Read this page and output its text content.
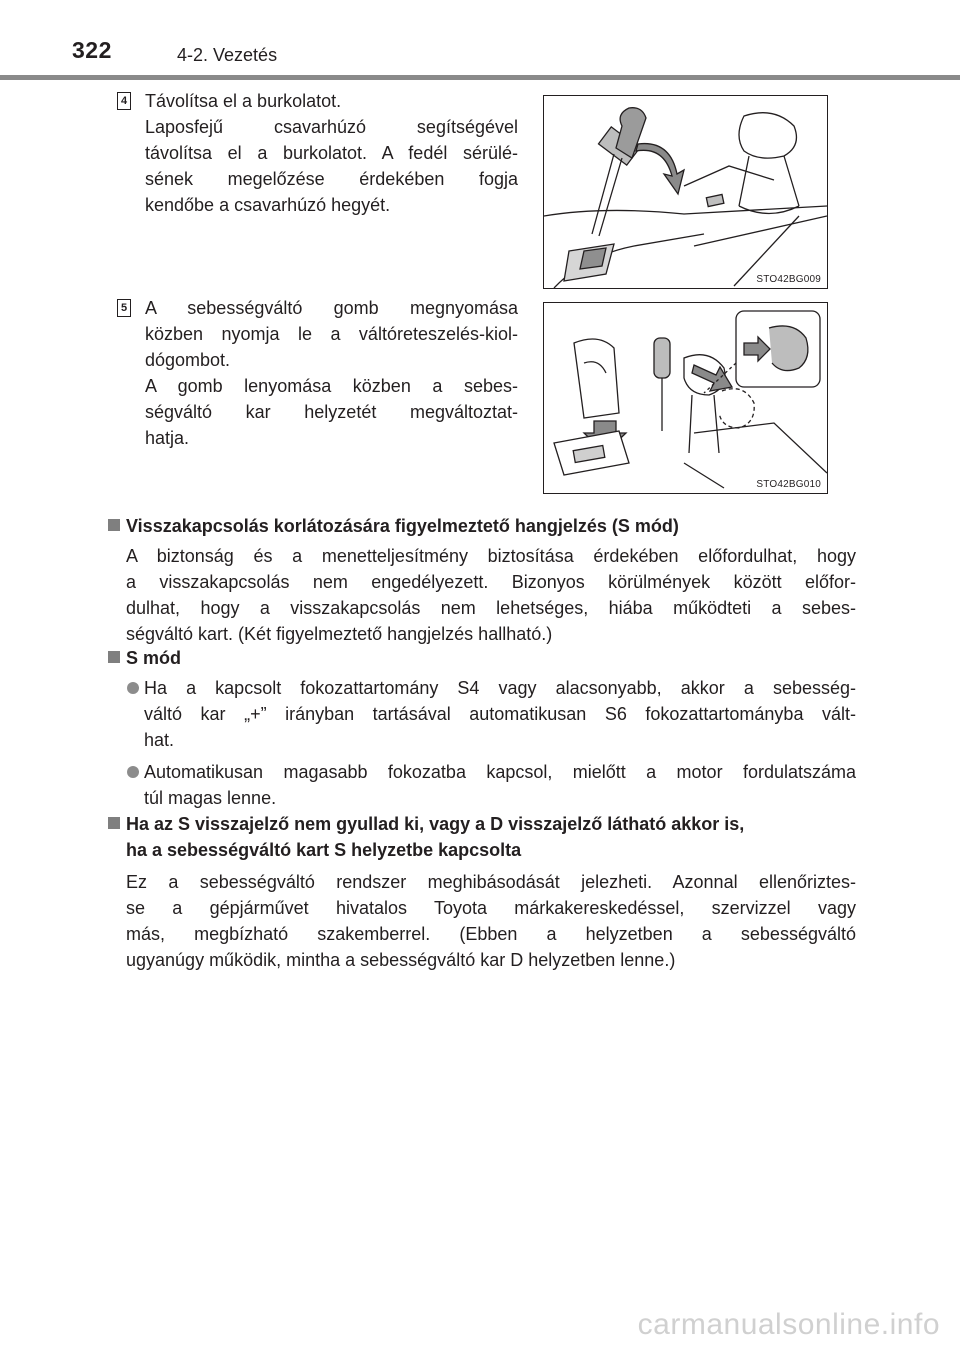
322	4-2. Vezetés
4 Távolítsa el a burkolatot.
Laposfejű csavarhúzó segítségével
távolítsa el a burkolatot. A fedél sérülé-
sének megelőzése érdekében fogja
kendőbe a csavarhúzó hegyét.
STO42BG009
5 A sebességváltó gomb megnyomása
közben nyomja le a váltóreteszelés-kiol-
dógombot.
A gomb lenyomása közben a sebes-
ségváltó kar helyzetét megváltoztat-
hatja.
STO42BG010
Visszakapcsolás korlátozására figyelmeztető hangjelzés (S mód)
A biztonság és a menetteljesítmény biztosítása érdekében előfordulhat, hogy
a visszakapcsolás nem engedélyezett. Bizonyos körülmények között előfor-
dulhat, hogy a visszakapcsolás nem lehetséges, hiába működteti a sebes-
ségváltó kart. (Két figyelmeztető hangjelzés hallható.)
S mód
Ha a kapcsolt fokozattartomány S4 vagy alacsonyabb, akkor a sebesség-
váltó kar „+” irányban tartásával automatikusan S6 fokozattartományba vált-
hat.
Automatikusan magasabb fokozatba kapcsol, mielőtt a motor fordulatszáma
túl magas lenne.
Ha az S visszajelző nem gyullad ki, vagy a D visszajelző látható akkor is,
ha a sebességváltó kart S helyzetbe kapcsolta
Ez a sebességváltó rendszer meghibásodását jelezheti. Azonnal ellenőriztes-
se a gépjárművet hivatalos Toyota márkakereskedéssel, szervizzel vagy
más, megbízható szakemberrel. (Ebben a helyzetben a sebességváltó
ugyanúgy működik, mintha a sebességváltó kar D helyzetben lenne.)
carmanualsonline.info
